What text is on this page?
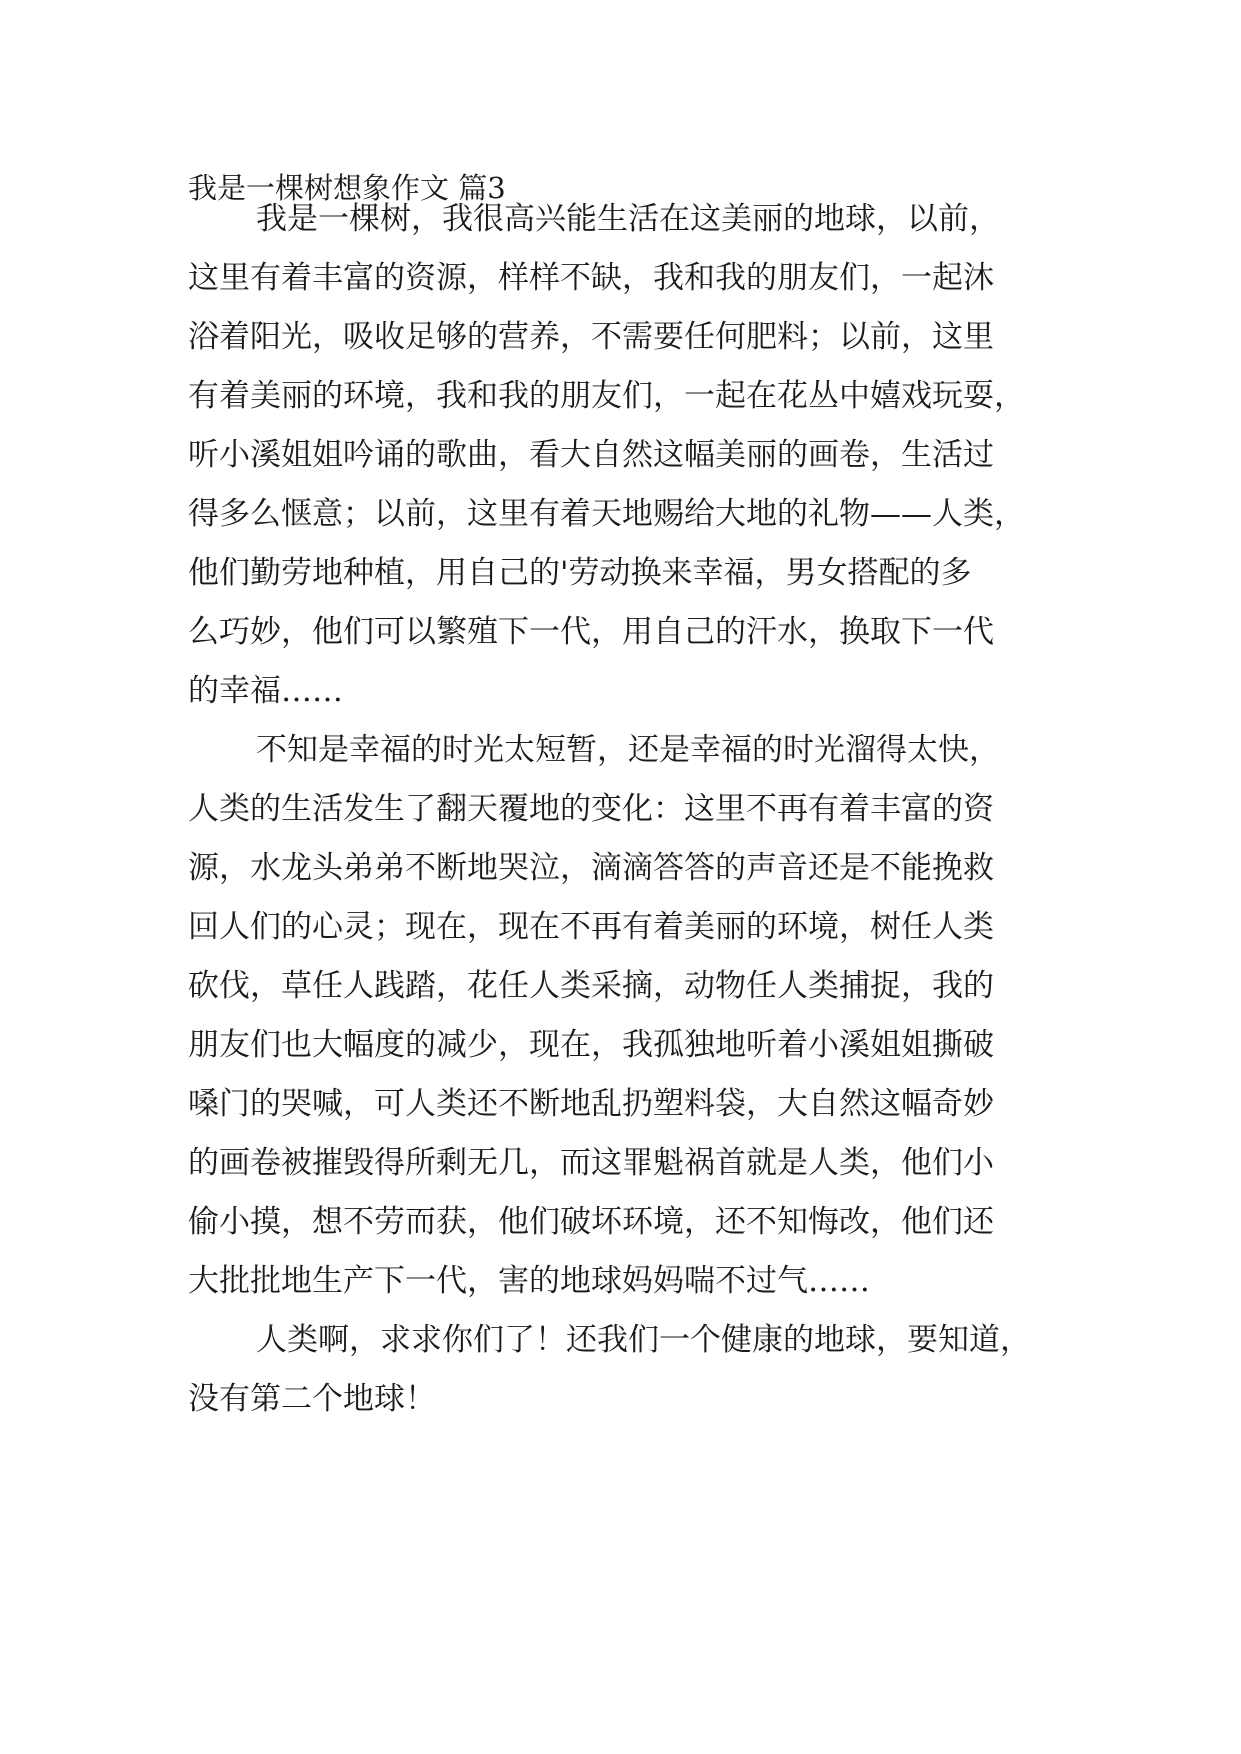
我是一棵树想象作文 篇3
我是一棵树，我很高兴能生活在这美丽的地球，以前，
这里有着丰富的资源，样样不缺，我和我的朋友们，一起沐
浴着阳光，吸收足够的营养，不需要任何肥料；以前，这里
有着美丽的环境，我和我的朋友们，一起在花丛中嬉戏玩耍，
听小溪姐姐吟诵的歌曲，看大自然这幅美丽的画卷，生活过
得多么惬意；以前，这里有着天地赐给大地的礼物——人类，
他们勤劳地种植，用自己的'劳动换来幸福，男女搭配的多
么巧妙，他们可以繁殖下一代，用自己的汗水，换取下一代
的幸福……
不知是幸福的时光太短暂，还是幸福的时光溜得太快，
人类的生活发生了翻天覆地的变化：这里不再有着丰富的资
源，水龙头弟弟不断地哭泣，滴滴答答的声音还是不能挽救
回人们的心灵；现在，现在不再有着美丽的环境，树任人类
砍伐，草任人践踏，花任人类采摘，动物任人类捕捉，我的
朋友们也大幅度的减少，现在，我孤独地听着小溪姐姐撕破
嗓门的哭喊，可人类还不断地乱扔塑料袋，大自然这幅奇妙
的画卷被摧毁得所剩无几，而这罪魁祸首就是人类，他们小
偷小摸，想不劳而获，他们破坏环境，还不知悔改，他们还
大批批地生产下一代，害的地球妈妈喘不过气……
人类啊，求求你们了！还我们一个健康的地球，要知道，
没有第二个地球！
